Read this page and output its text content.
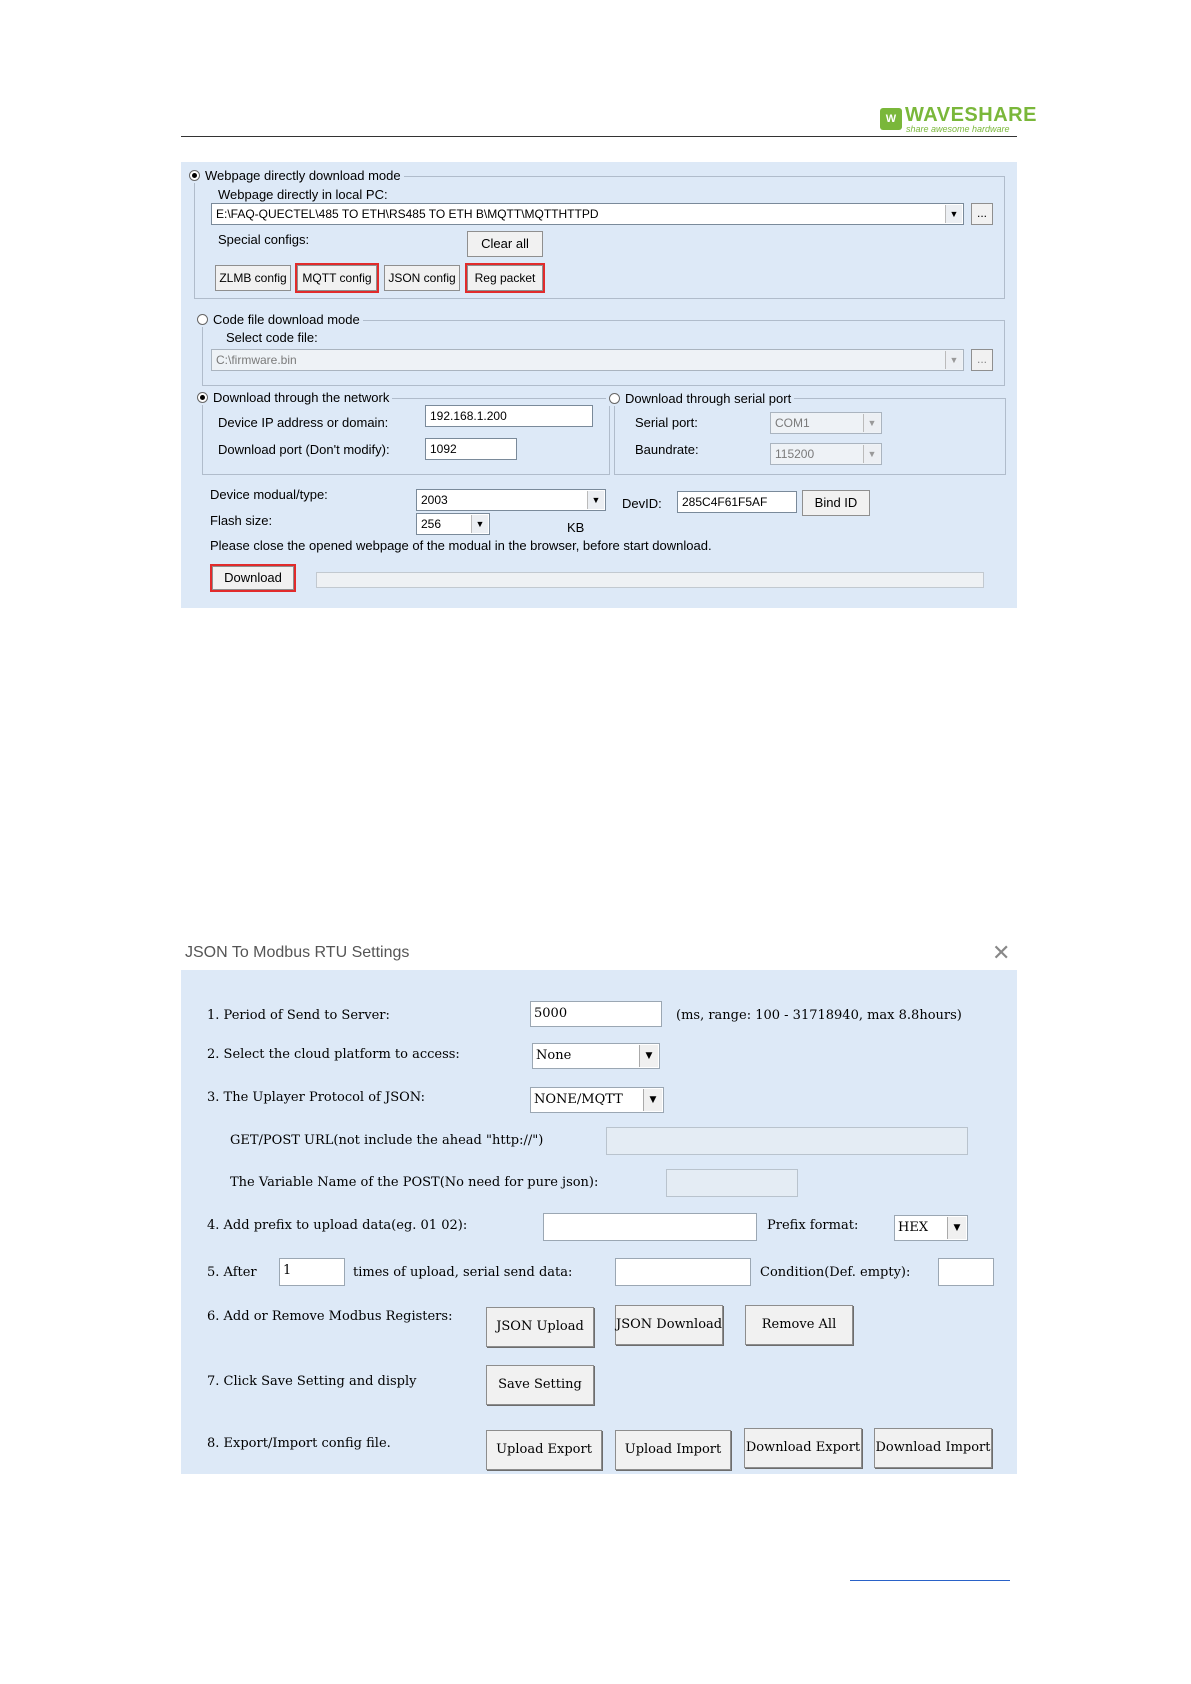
W WAVESHARE
share awesome hardware
Webpage directly download mode
Webpage directly in local PC:
E:\FAQ-QUECTEL\485 TO ETH\RS485 TO ETH B\MQTT\MQTTHTTPD	▼	...
Special configs:	Clear all
ZLMB config	MQTT config	JSON config	Reg packet
Code file download mode
Select code file:
C:\firmware.bin	▼	...
Download through the network
Device IP address or domain:	192.168.1.200
Download port (Don't modify):	1092
Download through serial port
Serial port:	COM1	▼
Baundrate:	115200	▼
Device modual/type:	2003	▼ DevID:	285C4F61F5AF	Bind ID
Flash size:	256	▼	KB
Please close the opened webpage of the modual in the browser, before start download.
Download
JSON To Modbus RTU Settings	✕
1. Period of Send to Server:	5000	(ms, range: 100 - 31718940, max 8.8hours)
2. Select the cloud platform to access:	None	▼
3. The Uplayer Protocol of JSON:	NONE/MQTT	▼
GET/POST URL(not include the ahead "http://")
The Variable Name of the POST(No need for pure json):
4. Add prefix to upload data(eg. 01 02):	Prefix format:	HEX	▼
5. After	1	times of upload, serial send data:	Condition(Def. empty):
6. Add or Remove Modbus Registers:
JSON Upload	JSON Download	Remove All
7. Click Save Setting and disply	Save Setting
8. Export/Import config file.	Upload Export	Upload Import	Download Export Download Import
